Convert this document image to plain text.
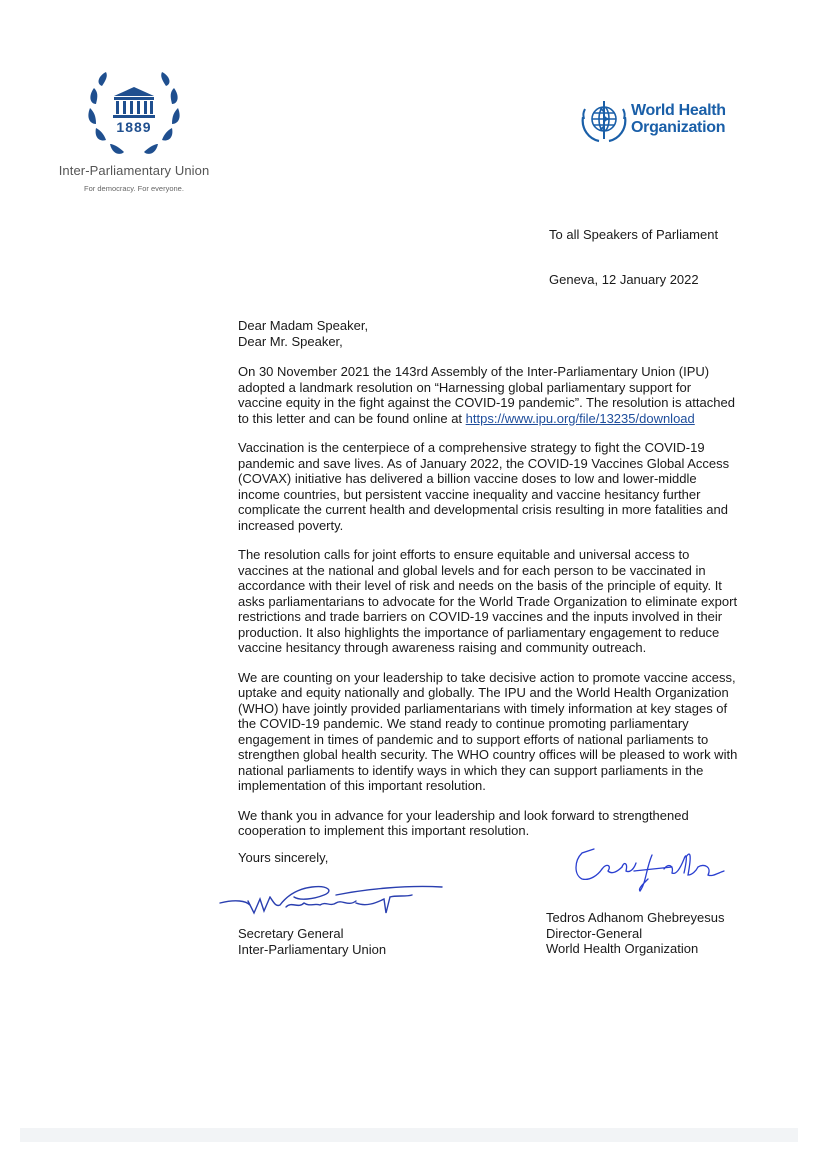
1889
Inter-Parliamentary Union
For democracy. For everyone.
World Health
Organization
To all Speakers of Parliament
Geneva, 12 January 2022

Dear Madam Speaker,
Dear Mr. Speaker,

On 30 November 2021 the 143rd Assembly of the Inter-Parliamentary Union (IPU) adopted a landmark resolution on “Harnessing global parliamentary support for vaccine equity in the fight against the COVID-19 pandemic”. The resolution is attached to this letter and can be found online at https://www.ipu.org/file/13235/download

Vaccination is the centerpiece of a comprehensive strategy to fight the COVID-19 pandemic and save lives. As of January 2022, the COVID-19 Vaccines Global Access (COVAX) initiative has delivered a billion vaccine doses to low and lower-middle income countries, but persistent vaccine inequality and vaccine hesitancy further complicate the current health and developmental crisis resulting in more fatalities and increased poverty.

The resolution calls for joint efforts to ensure equitable and universal access to vaccines at the national and global levels and for each person to be vaccinated in accordance with their level of risk and needs on the basis of the principle of equity. It asks parliamentarians to advocate for the World Trade Organization to eliminate export restrictions and trade barriers on COVID-19 vaccines and the inputs involved in their production. It also highlights the importance of parliamentary engagement to reduce vaccine hesitancy through awareness raising and community outreach.

We are counting on your leadership to take decisive action to promote vaccine access, uptake and equity nationally and globally. The IPU and the World Health Organization (WHO) have jointly provided parliamentarians with timely information at key stages of the COVID-19 pandemic. We stand ready to continue promoting parliamentary engagement in times of pandemic and to support efforts of national parliaments to strengthen global health security. The WHO country offices will be pleased to work with national parliaments to identify ways in which they can support parliaments in the implementation of this important resolution.

We thank you in advance for your leadership and look forward to strengthened cooperation to implement this important resolution.

Yours sincerely,
Secretary General
Inter-Parliamentary Union
Tedros Adhanom Ghebreyesus
Director-General
World Health Organization
